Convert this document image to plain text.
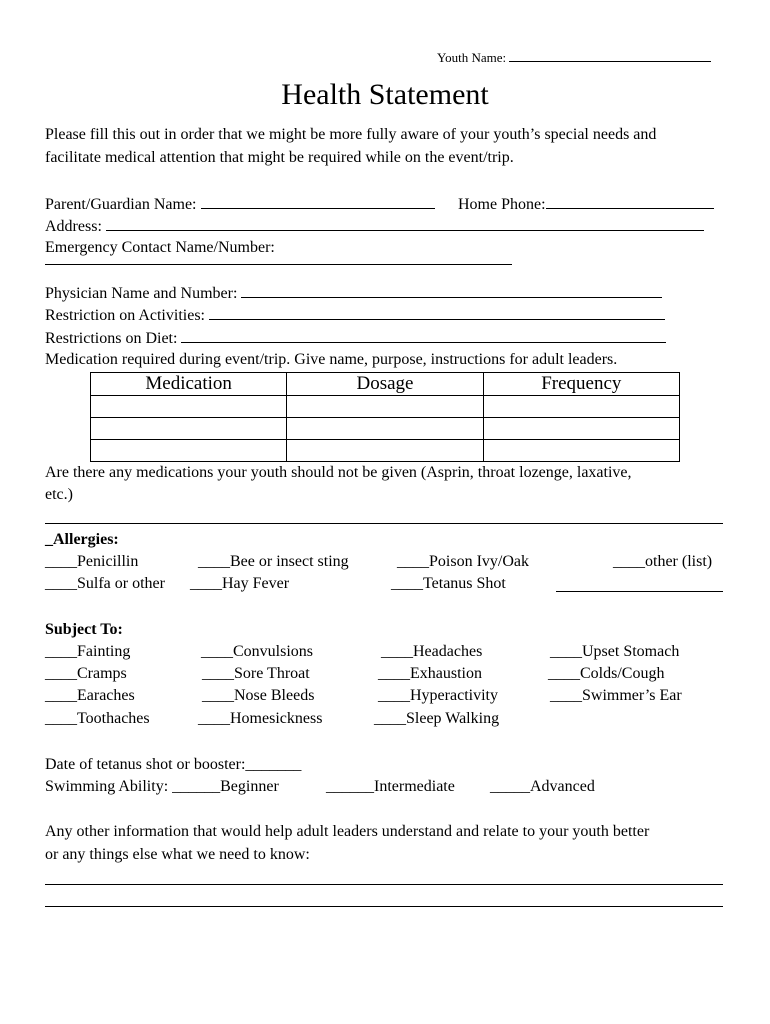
Youth Name:
Health Statement
Please fill this out in order that we might be more fully aware of your youth’s special needs and
facilitate medical attention that might be required while on the event/trip.
Parent/Guardian Name:	Home Phone:
Address:
Emergency Contact Name/Number:
Physician Name and Number:
Restriction on Activities:
Restrictions on Diet:
Medication required during event/trip. Give name, purpose, instructions for adult leaders.
Medication	Dosage	Frequency

Are there any medications your youth should not be given (Asprin, throat lozenge, laxative,
etc.)
_Allergies:
____Penicillin	____Bee or insect sting	____Poison Ivy/Oak	____other (list)
____Sulfa or other ____Hay Fever	____Tetanus Shot
Subject To:
____Fainting	____Convulsions	____Headaches	____Upset Stomach
____Cramps	____Sore Throat	____Exhaustion	____Colds/Cough
____Earaches	____Nose Bleeds	____Hyperactivity	____Swimmer’s Ear
____Toothaches	____Homesickness	____Sleep Walking
Date of tetanus shot or booster:_______
Swimming Ability: ______Beginner	______Intermediate _____Advanced
Any other information that would help adult leaders understand and relate to your youth better
or any things else what we need to know:
